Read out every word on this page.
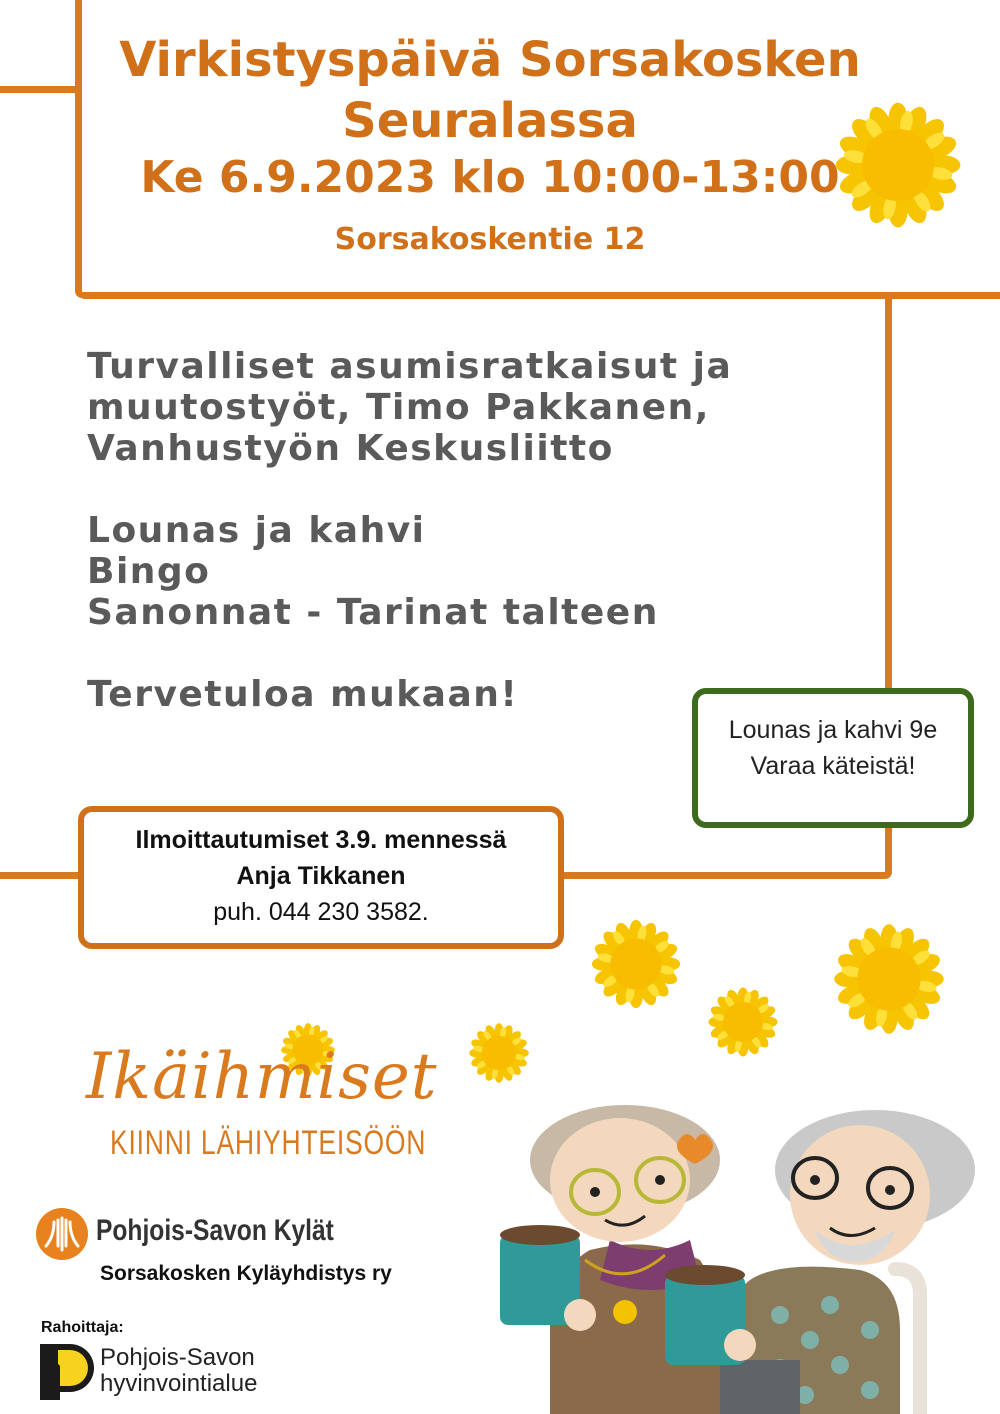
Virkistyspäivä Sorsakosken
Seuralassa
Ke 6.9.2023 klo 10:00-13:00
Sorsakoskentie 12
Turvalliset asumisratkaisut ja
muutostyöt, Timo Pakkanen,
Vanhustyön Keskusliitto
Lounas ja kahvi
Bingo
Sanonnat - Tarinat talteen
Tervetuloa mukaan!
Lounas ja kahvi 9e
Varaa käteistä!
Ilmoittautumiset 3.9. mennessä
Anja Tikkanen
puh. 044 230 3582.
Ikäihmiset
KIINNI LÄHIYHTEISÖÖN
Pohjois-Savon Kylät
Sorsakosken Kyläyhdistys ry
Rahoittaja:
Pohjois-Savon
hyvinvointialue
